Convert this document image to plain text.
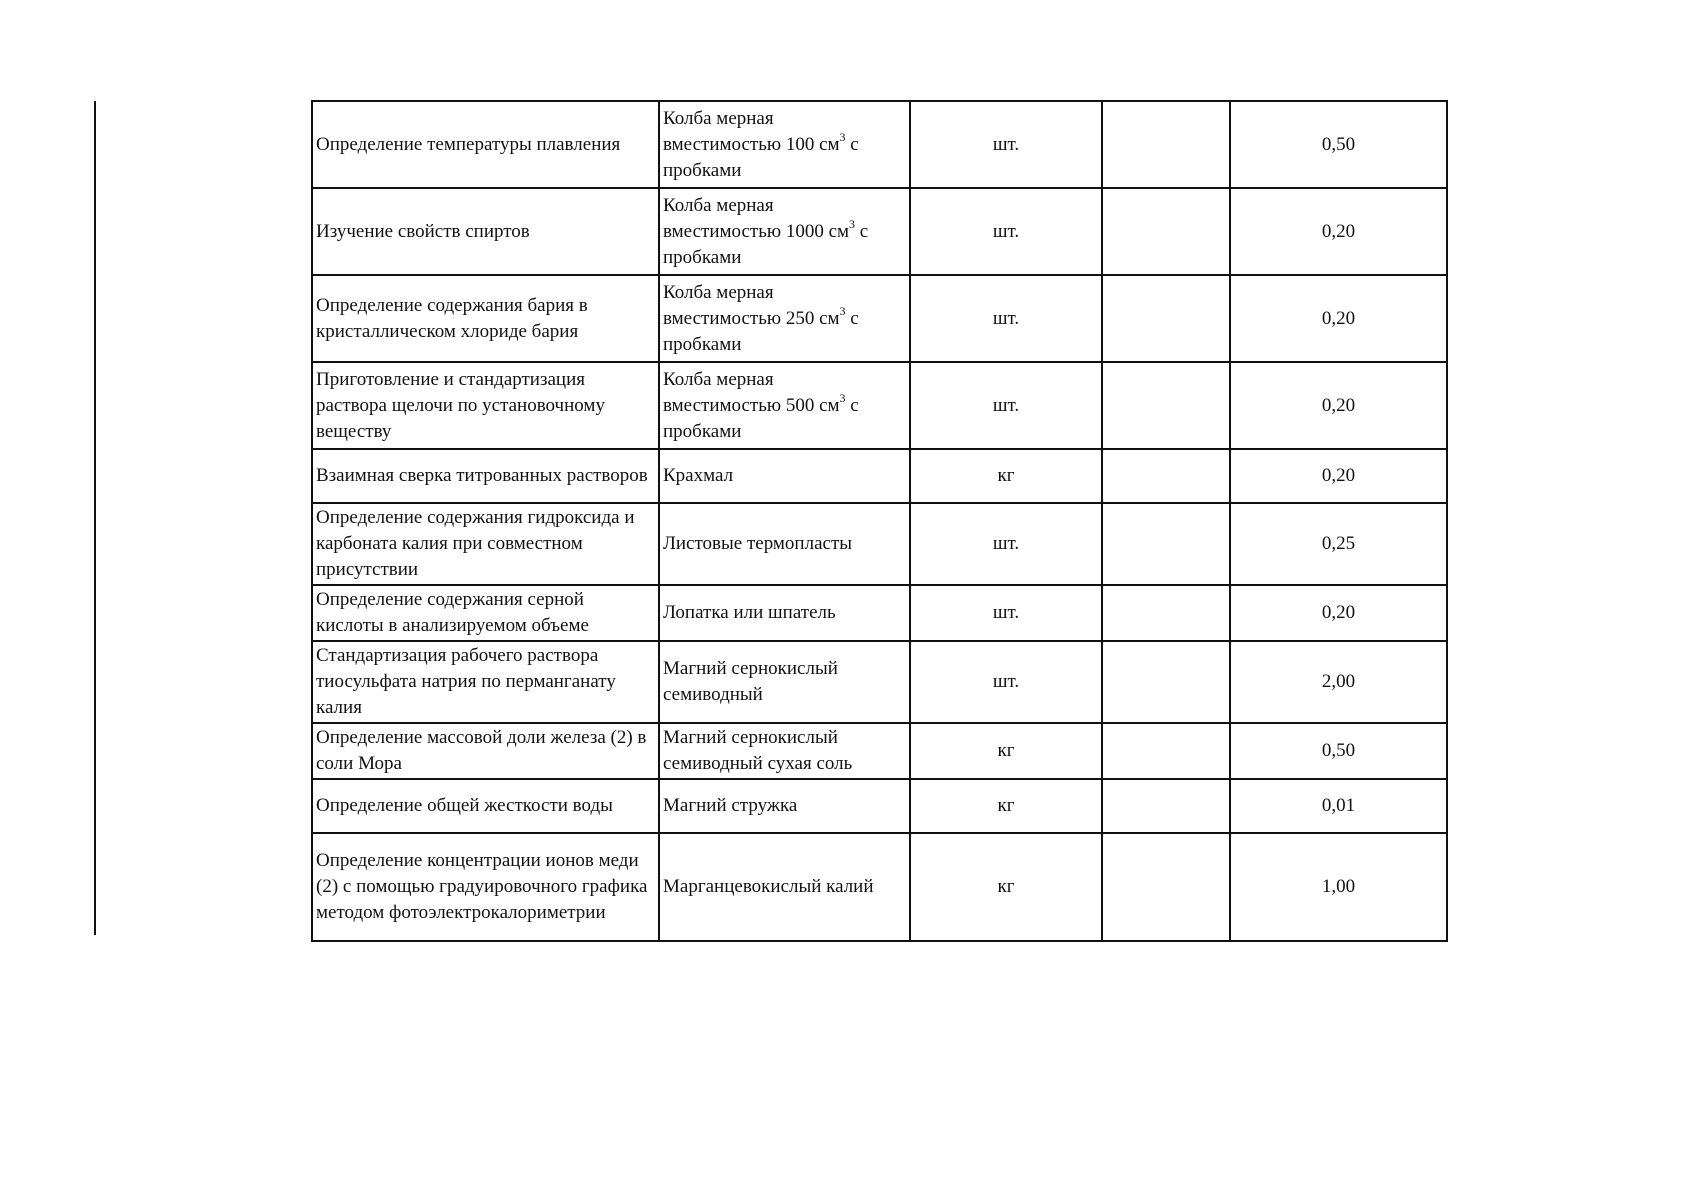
Определение температуры плавления	Колба мерная
вместимостью 100 $см^3$ с
пробками	шт.		0,50
Изучение свойств спиртов	Колба мерная
вместимостью 1000 $см^3$ с
пробками	шт.		0,20
Определение содержания бария в кристаллическом хлориде бария	Колба мерная
вместимостью 250 $см^3$ с
пробками	шт.		0,20
Приготовление и стандартизация раствора щелочи по установочному веществу	Колба мерная
вместимостью 500 $см^3$ с
пробками	шт.		0,20
Взаимная сверка титрованных растворов	Крахмал	кг		0,20
Определение содержания гидроксида и карбоната калия при совместном присутствии	Листовые термопласты	шт.		0,25
Определение содержания серной кислоты в анализируемом объеме	Лопатка или шпатель	шт.		0,20
Стандартизация рабочего раствора тиосульфата натрия по перманганату калия	Магний сернокислый семиводный	шт.		2,00
Определение массовой доли железа (2) в соли Мора	Магний сернокислый семиводный сухая соль	кг		0,50
Определение общей жесткости воды	Магний стружка	кг		0,01
Определение концентрации ионов меди (2) с помощью градуировочного графика методом фотоэлектрокалориметрии	Марганцевокислый калий	кг		1,00
